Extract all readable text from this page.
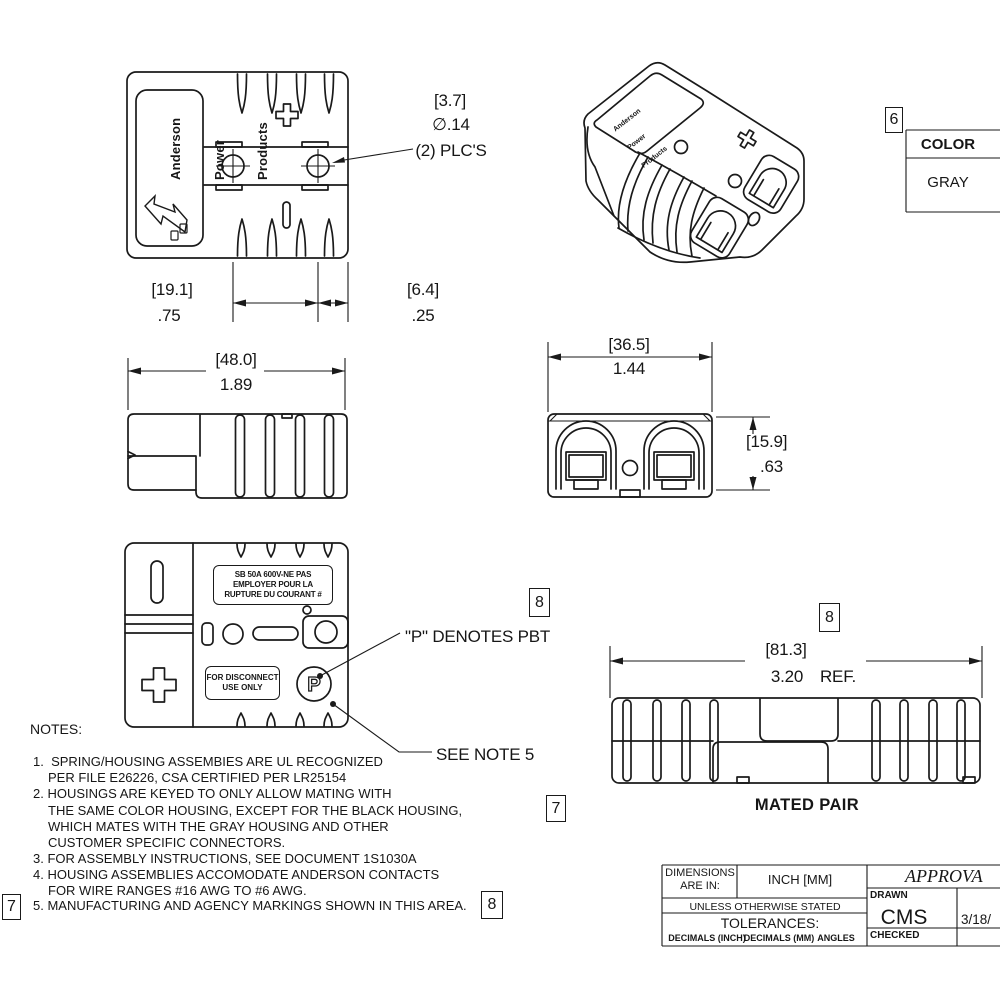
P

Anderson

Power

Products

Anderson

Power

Products

[3.7]
∅.14
(2) PLC'S
[19.1]
.75
[6.4]
.25
[48.0]
1.89
[36.5]
1.44
[15.9]
.63
[81.3]
3.20 REF.
"P" DENOTES PBT
SEE NOTE 5
MATED PAIR
SB 50A 600V-NE PAS
EMPLOYER POUR LA
RUPTURE DU COURANT #
FOR DISCONNECT
USE ONLY
6
8
7
8
7	8
COLOR
GRAY
NOTES:
1.  SPRING/HOUSING ASSEMBIES ARE UL RECOGNIZED
PER FILE E26226, CSA CERTIFIED PER LR25154
2. HOUSINGS ARE KEYED TO ONLY ALLOW MATING WITH
THE SAME COLOR HOUSING, EXCEPT FOR THE BLACK HOUSING,
WHICH MATES WITH THE GRAY HOUSING AND OTHER
CUSTOMER SPECIFIC CONNECTORS.
3. FOR ASSEMBLY INSTRUCTIONS, SEE DOCUMENT 1S1030A
4. HOUSING ASSEMBLIES ACCOMODATE ANDERSON CONTACTS
FOR WIRE RANGES #16 AWG TO #6 AWG.
5. MANUFACTURING AND AGENCY MARKINGS SHOWN IN THIS AREA.
DIMENSIONS
ARE IN:	INCH [MM]
UNLESS OTHERWISE STATED
TOLERANCES:
DECIMALS (INCH)
DECIMALS (MM) ANGLES
APPROVA
DRAWN
CMS 3/18/
CHECKED
